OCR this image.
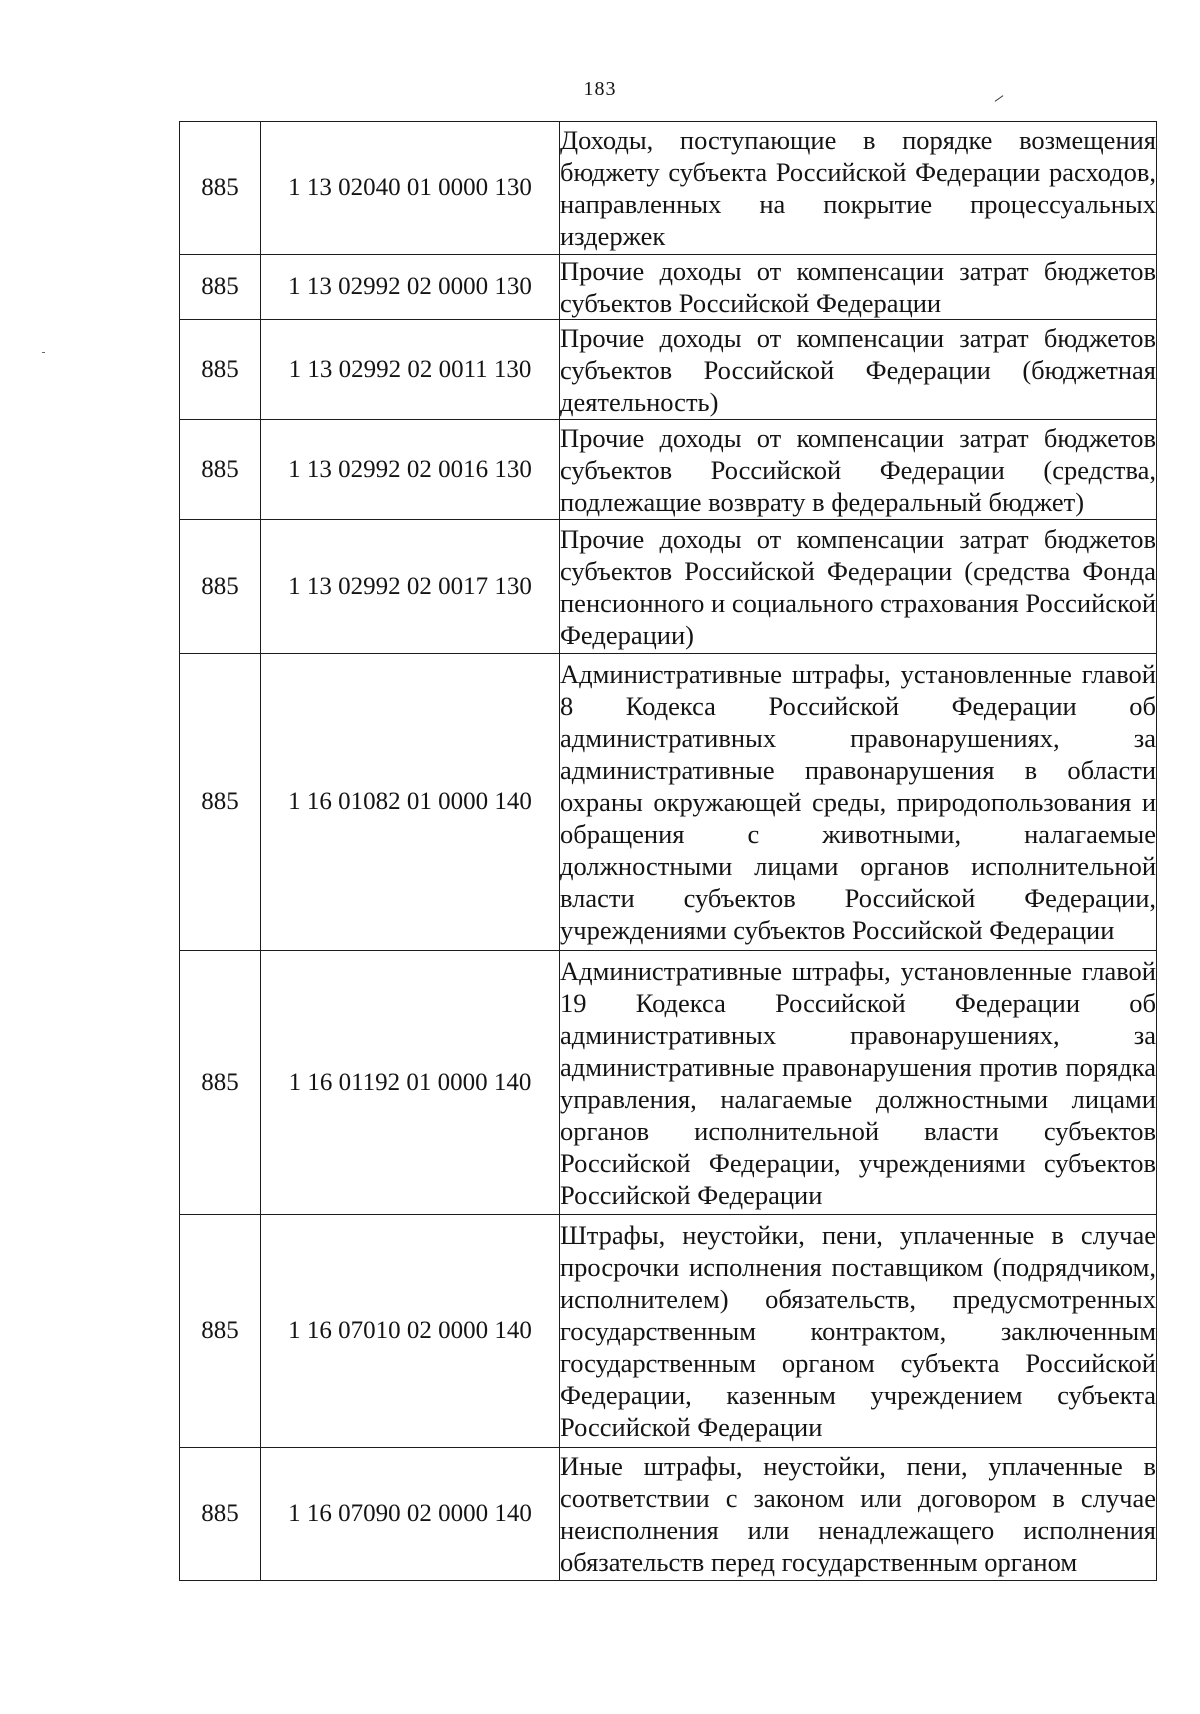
183
885	1 13 02040 01 0000 130	Доходы, поступающие в порядке возмещения бюджету субъекта Российской Федерации расходов, направленных на покрытие процессуальных издержек
885	1 13 02992 02 0000 130	Прочие доходы от компенсации затрат бюджетов субъектов Российской Федерации
885	1 13 02992 02 0011 130	Прочие доходы от компенсации затрат бюджетов субъектов Российской Федерации (бюджетная деятельность)
885	1 13 02992 02 0016 130	Прочие доходы от компенсации затрат бюджетов субъектов Российской Федерации (средства, подлежащие возврату в федеральный бюджет)
885	1 13 02992 02 0017 130	Прочие доходы от компенсации затрат бюджетов субъектов Российской Федерации (средства Фонда пенсионного и социального страхования Российской Федерации)
885	1 16 01082 01 0000 140	Административные штрафы, установленные главой 8 Кодекса Российской Федерации об административных правонарушениях, за административные правонарушения в области охраны окружающей среды, природопользования и обращения с животными, налагаемые должностными лицами органов исполнительной власти субъектов Российской Федерации, учреждениями субъектов Российской Федерации
885	1 16 01192 01 0000 140	Административные штрафы, установленные главой 19 Кодекса Российской Федерации об административных правонарушениях, за административные правонарушения против порядка управления, налагаемые должностными лицами органов исполнительной власти субъектов Российской Федерации, учреждениями субъектов Российской Федерации
885	1 16 07010 02 0000 140	Штрафы, неустойки, пени, уплаченные в случае просрочки исполнения поставщиком (подрядчиком, исполнителем) обязательств, предусмотренных государственным контрактом, заключенным государственным органом субъекта Российской Федерации, казенным учреждением субъекта Российской Федерации
885	1 16 07090 02 0000 140	Иные штрафы, неустойки, пени, уплаченные в соответствии с законом или договором в случае неисполнения или ненадлежащего исполнения обязательств перед государственным органом
